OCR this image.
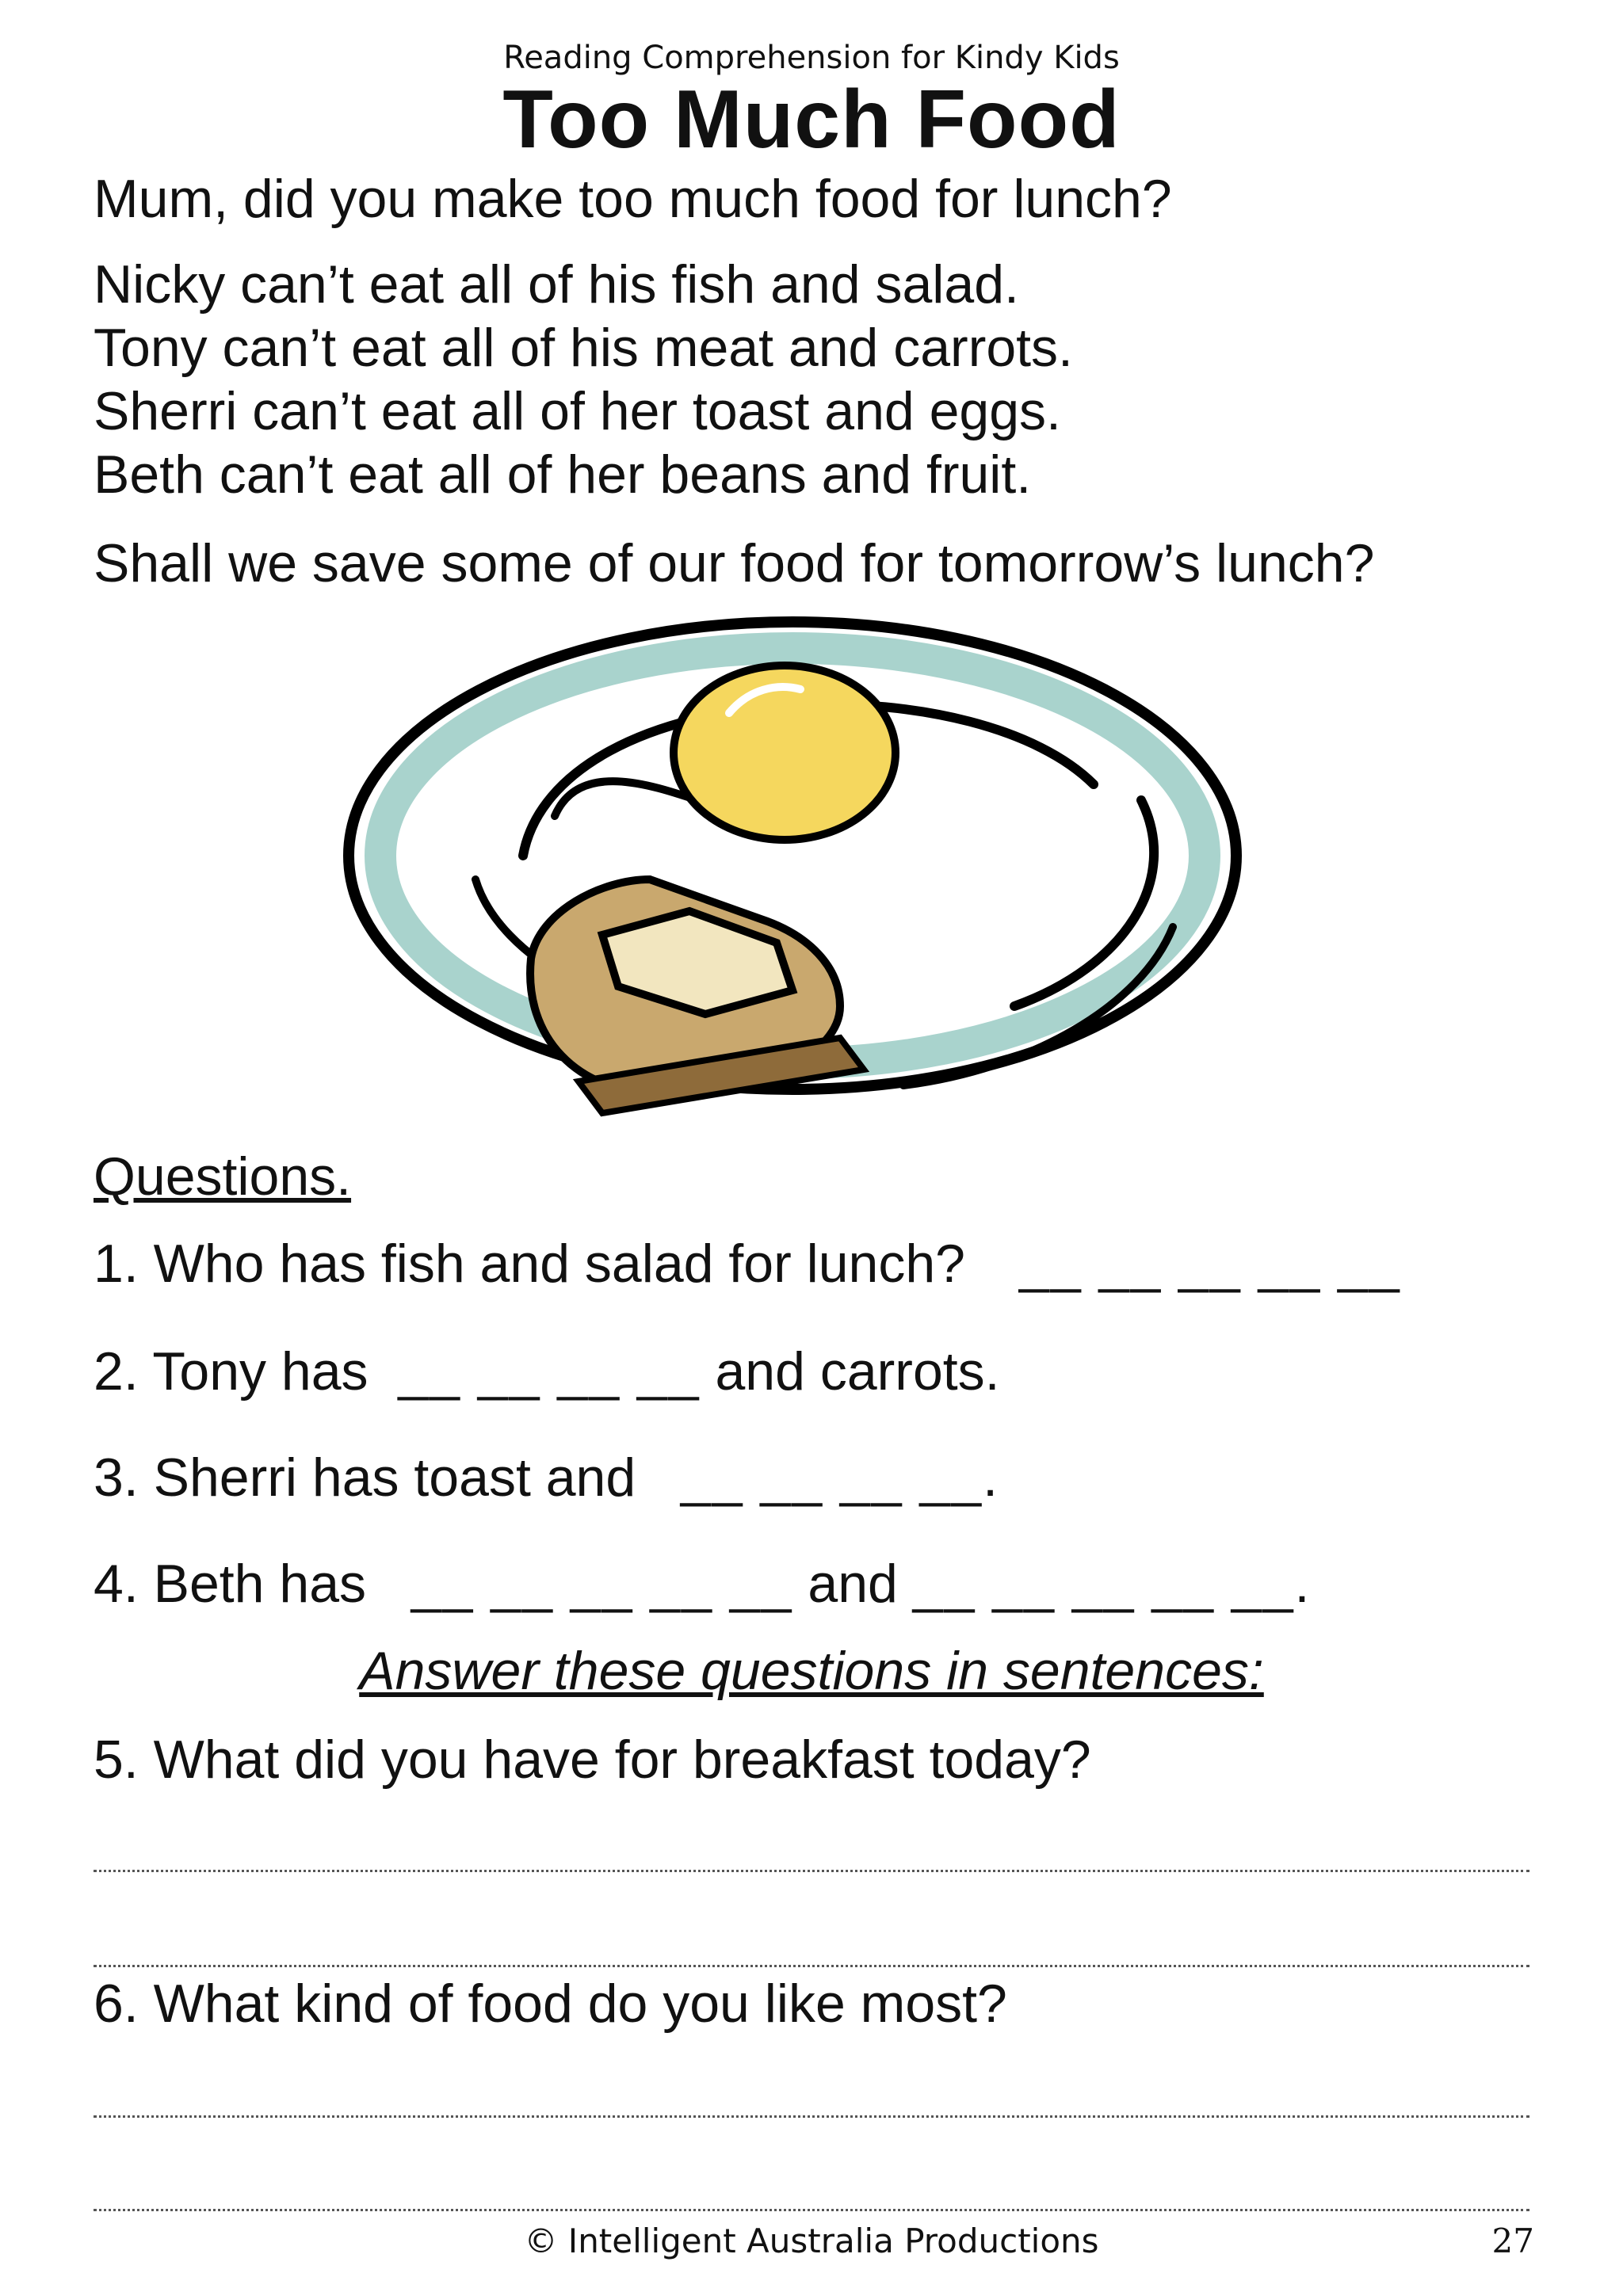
Reading Comprehension for Kindy Kids
Too Much Food
Mum, did you make too much food for lunch?
Nicky can’t eat all of his fish and salad.
Tony can’t eat all of his meat and carrots.
Sherri can’t eat all of her toast and eggs.
Beth can’t eat all of her beans and fruit.
Shall we save some of our food for tomorrow’s lunch?
Questions.
1. Who has fish and salad for lunch? __ __ __ __ __
2. Tony has __ __ __ __ and carrots.
3. Sherri has toast and __ __ __ __.
4. Beth has __ __ __ __ __ and __ __ __ __ __.
Answer these questions in sentences:
5. What did you have for breakfast today?
6. What kind of food do you like most?
© Intelligent Australia Productions	27
